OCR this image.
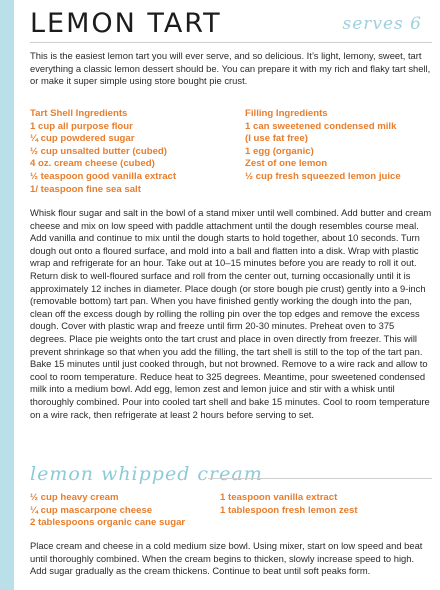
LEMON TART	serves 6

This is the easiest lemon tart you will ever serve, and so delicious. It’s light, lemony, sweet, tart everything a classic lemon dessert should be. You can prepare it with my rich and flaky tart shell, or make it super simple using store bought pie crust.

Tart Shell Ingredients
1 cup all purpose flour
¼ cup powdered sugar
½ cup unsalted butter (cubed)
4 oz. cream cheese (cubed)
½ teaspoon good vanilla extract
1/ teaspoon fine sea salt
Filling Ingredients
1 can sweetened condensed milk
(I use fat free)
1 egg (organic)
Zest of one lemon
½ cup fresh squeezed lemon juice

Whisk flour sugar and salt in the bowl of a stand mixer until well combined. Add butter and cream cheese and mix on low speed with paddle attachment until the dough resembles course meal. Add vanilla and continue to mix until the dough starts to hold together, about 10 seconds. Turn dough out onto a floured surface, and mold into a ball and flatten into a disk. Wrap with plastic wrap and refrigerate for an hour. Take out at 10–15 minutes before you are ready to roll it out. Return disk to well-floured surface and roll from the center out, turning occasionally until it is approximately 12 inches in diameter. Place dough (or store bough pie crust) gently into a 9-inch (removable bottom) tart pan. When you have finished gently working the dough into the pan, clean off the excess dough by rolling the rolling pin over the top edges and remove the excess dough. Cover with plastic wrap and freeze until firm 20-30 minutes. Preheat oven to 375 degrees. Place pie weights onto the tart crust and place in oven directly from freezer. This will prevent shrinkage so that when you add the filling, the tart shell is still to the top of the tart pan. Bake 15 minutes until just cooked through, but not browned. Remove to a wire rack and allow to cool to room temperature. Reduce heat to 325 degrees. Meantime, pour sweetened condensed milk into a medium bowl. Add egg, lemon zest and lemon juice and stir with a whisk until thoroughly combined. Pour into cooled tart shell and bake 15 minutes. Cool to room temperature on a wire rack, then refrigerate at least 2 hours before serving to set.

lemon whipped cream
½ cup heavy cream
¼ cup mascarpone cheese
2 tablespoons organic cane sugar
1 teaspoon vanilla extract
1 tablespoon fresh lemon zest

Place cream and cheese in a cold medium size bowl. Using mixer, start on low speed and beat until thoroughly combined. When the cream begins to thicken, slowly increase speed to high. Add sugar gradually as the cream thickens. Continue to beat until soft peaks form.
